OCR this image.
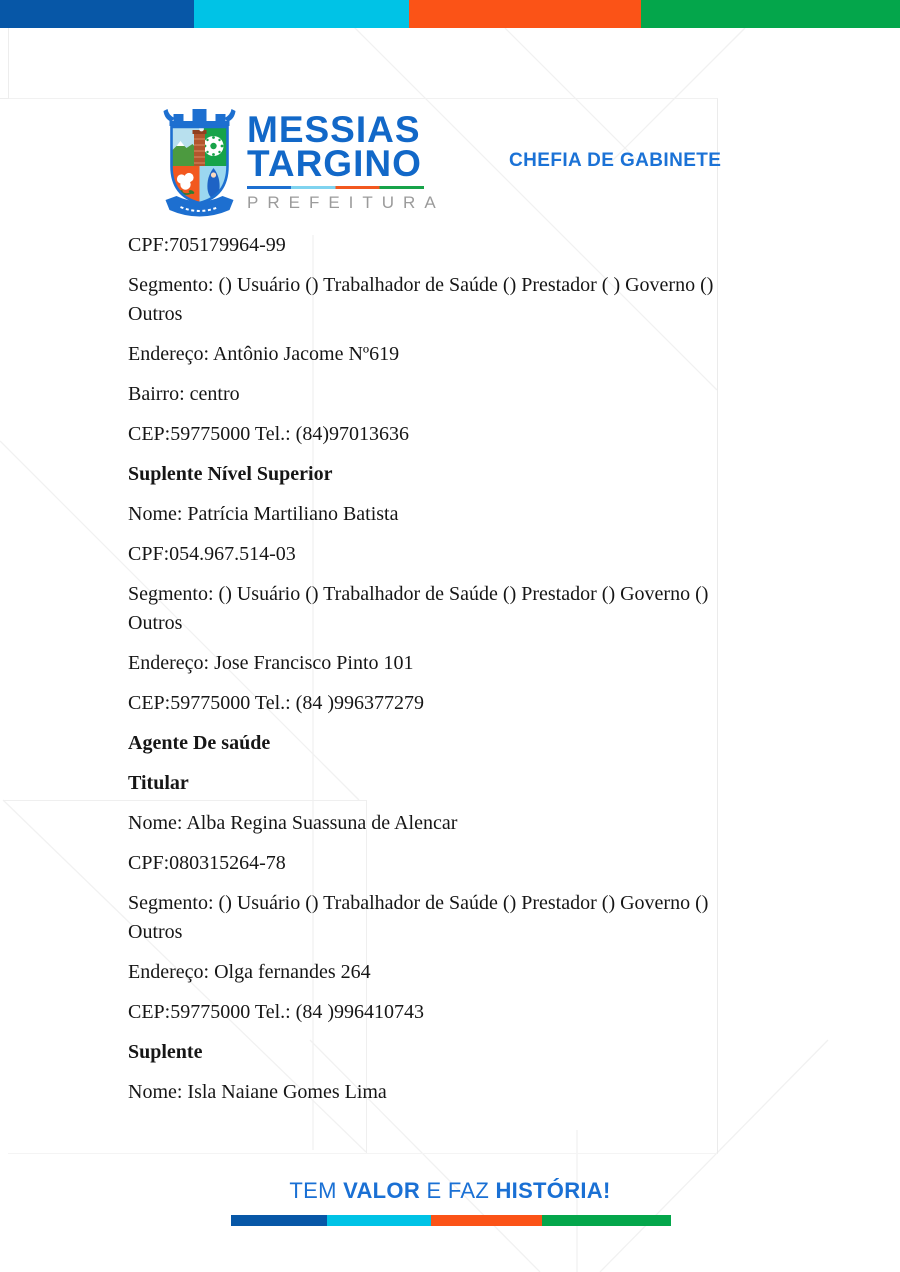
MESSIAS
TARGINO
PREFEITURA
CHEFIA DE GABINETE

CPF:705179964-99

Segmento: () Usuário () Trabalhador de Saúde () Prestador ( ) Governo ()
Outros

Endereço: Antônio Jacome Nº619

Bairro: centro

CEP:59775000 Tel.: (84)97013636

Suplente Nível Superior

Nome: Patrícia Martiliano Batista

CPF:054.967.514-03

Segmento: () Usuário () Trabalhador de Saúde () Prestador () Governo ()
Outros

Endereço: Jose Francisco Pinto 101

CEP:59775000 Tel.: (84 )996377279

Agente De saúde

Titular

Nome: Alba Regina Suassuna de Alencar

CPF:080315264-78

Segmento: () Usuário () Trabalhador de Saúde () Prestador () Governo ()
Outros

Endereço: Olga fernandes 264

CEP:59775000 Tel.: (84 )996410743

Suplente

Nome: Isla Naiane Gomes Lima

TEM VALOR E FAZ HISTÓRIA!
